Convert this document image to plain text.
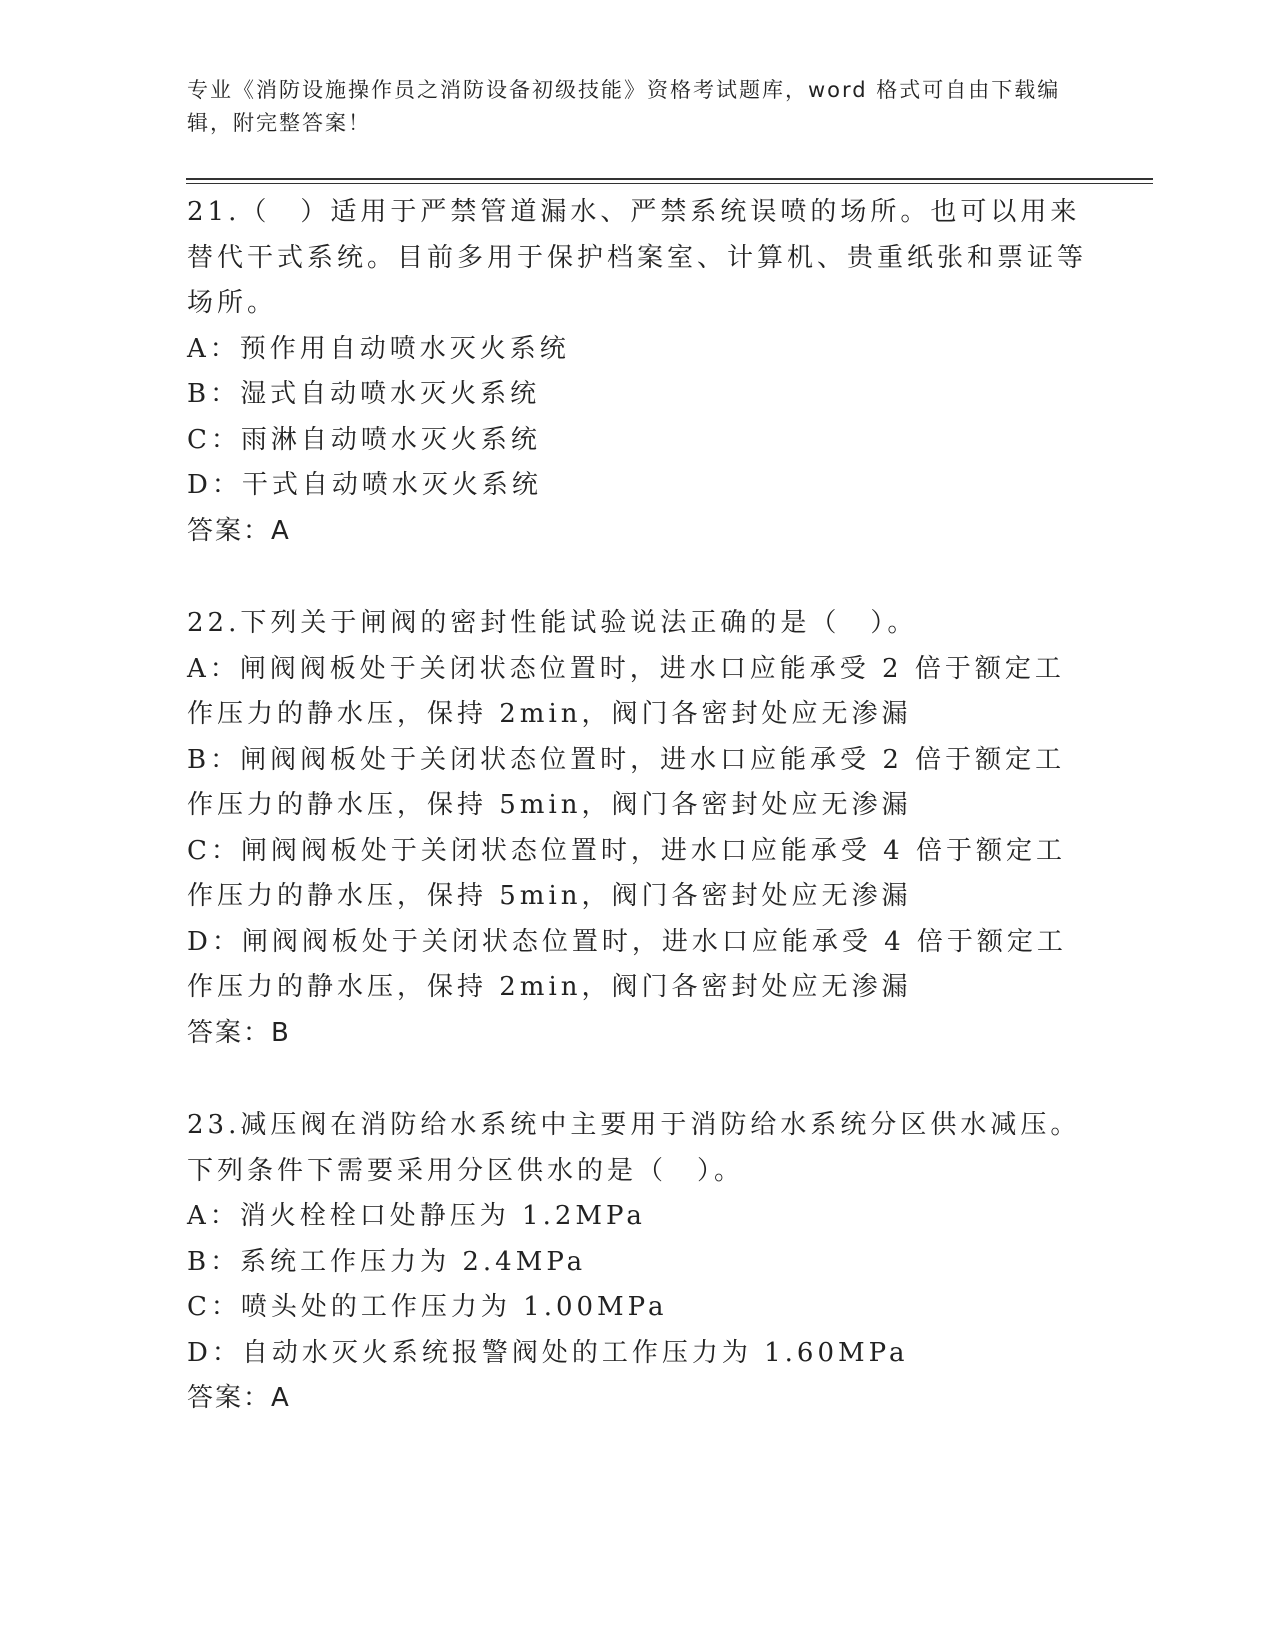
专业《消防设施操作员之消防设备初级技能》资格考试题库，word 格式可自由下载编辑，附完整答案！

21.（　）适用于严禁管道漏水、严禁系统误喷的场所。也可以用来替代干式系统。目前多用于保护档案室、计算机、贵重纸张和票证等场所。

A：预作用自动喷水灭火系统

B：湿式自动喷水灭火系统

C：雨淋自动喷水灭火系统

D：干式自动喷水灭火系统

答案：A

22.下列关于闸阀的密封性能试验说法正确的是（　）。

A：闸阀阀板处于关闭状态位置时，进水口应能承受 2 倍于额定工作压力的静水压，保持 2min，阀门各密封处应无渗漏

B：闸阀阀板处于关闭状态位置时，进水口应能承受 2 倍于额定工作压力的静水压，保持 5min，阀门各密封处应无渗漏

C：闸阀阀板处于关闭状态位置时，进水口应能承受 4 倍于额定工作压力的静水压，保持 5min，阀门各密封处应无渗漏

D：闸阀阀板处于关闭状态位置时，进水口应能承受 4 倍于额定工作压力的静水压，保持 2min，阀门各密封处应无渗漏

答案：B

23.减压阀在消防给水系统中主要用于消防给水系统分区供水减压。下列条件下需要采用分区供水的是（　）。

A：消火栓栓口处静压为 1.2MPa

B：系统工作压力为 2.4MPa

C：喷头处的工作压力为 1.00MPa

D：自动水灭火系统报警阀处的工作压力为 1.60MPa

答案：A
